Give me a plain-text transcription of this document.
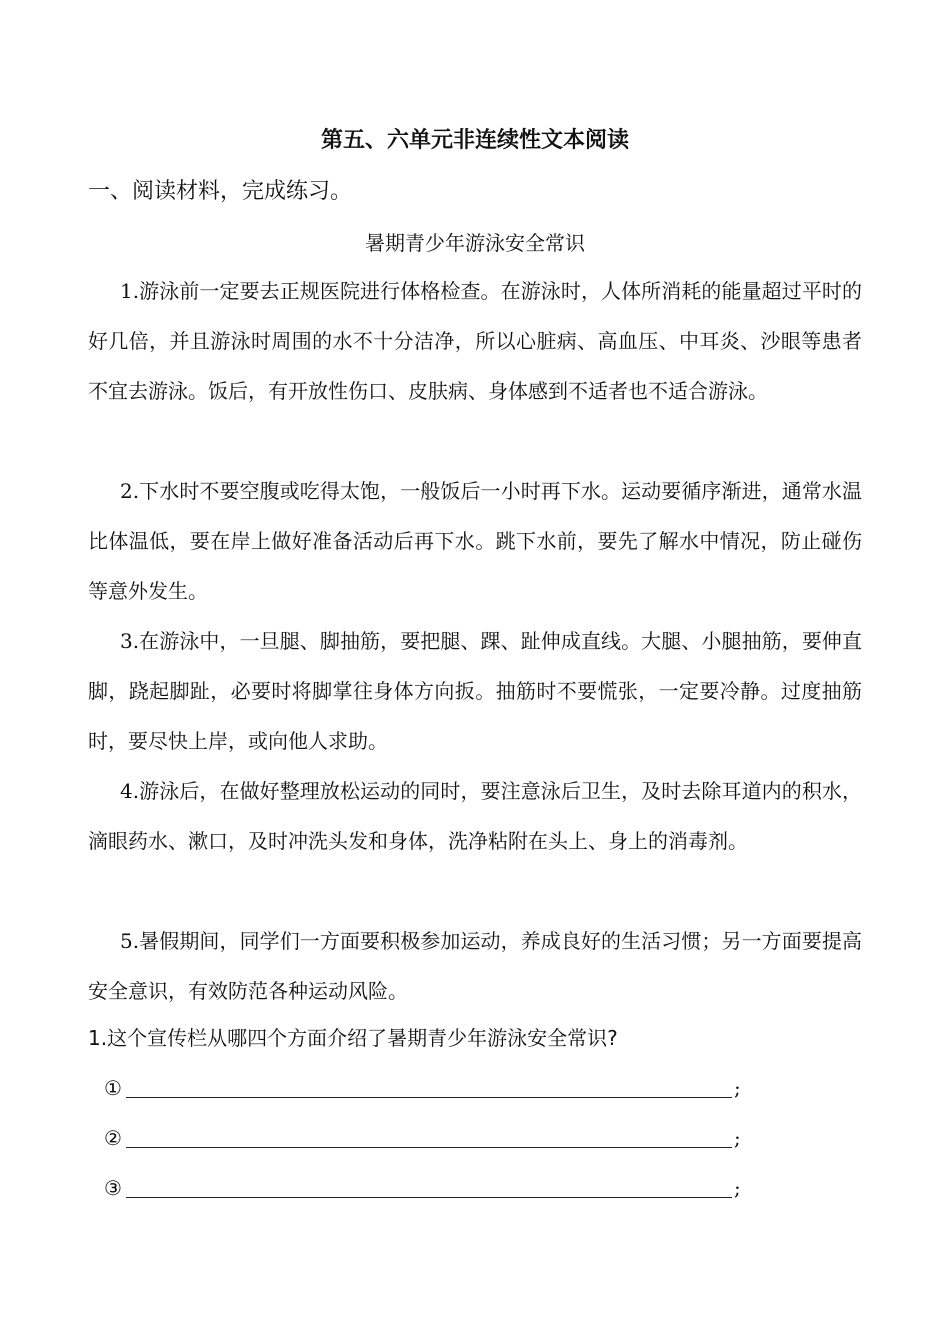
第五、六单元非连续性文本阅读
一、阅读材料，完成练习。
暑期青少年游泳安全常识

1.游泳前一定要去正规医院进行体格检查。在游泳时，人体所消耗的能量超过平时的好几倍，并且游泳时周围的水不十分洁净，所以心脏病、高血压、中耳炎、沙眼等患者不宜去游泳。饭后，有开放性伤口、皮肤病、身体感到不适者也不适合游泳。

2.下水时不要空腹或吃得太饱，一般饭后一小时再下水。运动要循序渐进，通常水温比体温低，要在岸上做好准备活动后再下水。跳下水前，要先了解水中情况，防止碰伤等意外发生。

3.在游泳中，一旦腿、脚抽筋，要把腿、踝、趾伸成直线。大腿、小腿抽筋，要伸直脚，跷起脚趾，必要时将脚掌往身体方向扳。抽筋时不要慌张，一定要冷静。过度抽筋时，要尽快上岸，或向他人求助。

4.游泳后，在做好整理放松运动的同时，要注意泳后卫生，及时去除耳道内的积水，滴眼药水、漱口，及时冲洗头发和身体，洗净粘附在头上、身上的消毒剂。

5.暑假期间，同学们一方面要积极参加运动，养成良好的生活习惯；另一方面要提高安全意识，有效防范各种运动风险。

1.这个宣传栏从哪四个方面介绍了暑期青少年游泳安全常识?
①	;
②	;
③	;
